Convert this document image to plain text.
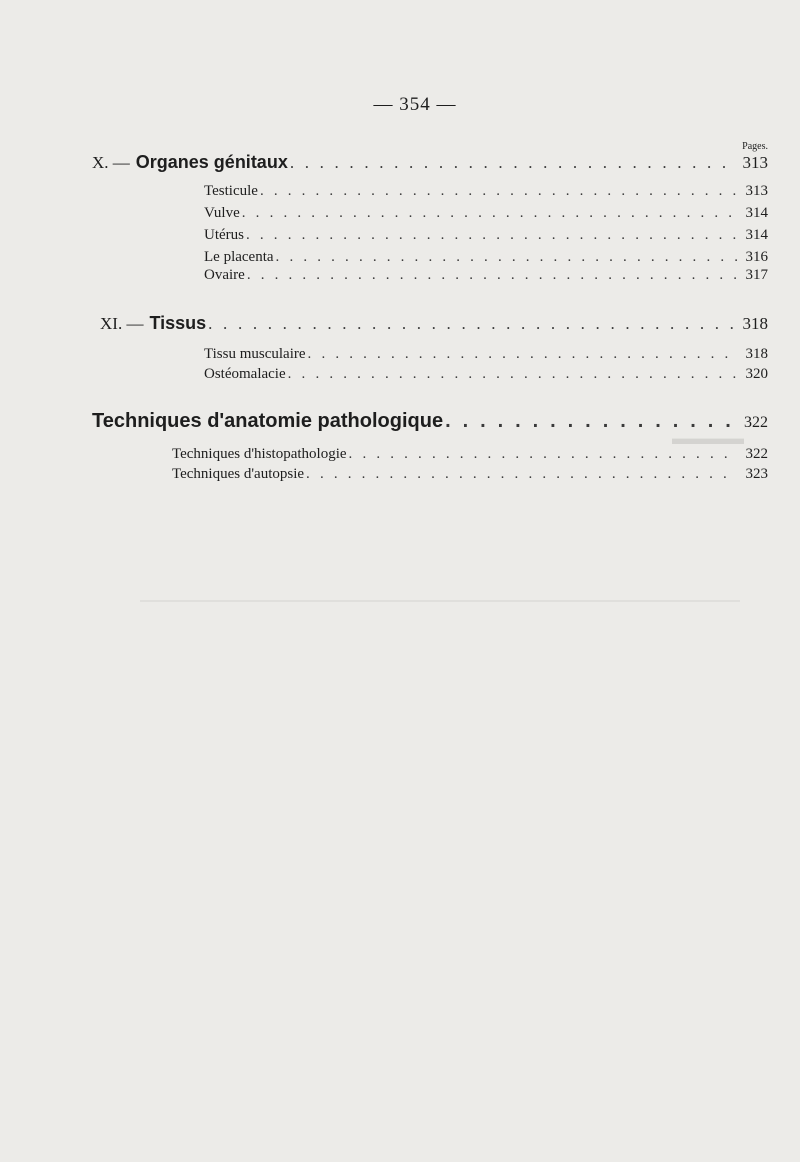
▬▬▬▬
— 354 —
Pages.
X. — Organes génitaux . . .	313
Testicule . . .	313
Vulve . . .	314
Utérus . . .	314
Le placenta . . .	316
Ovaire . . .	317
XI. — Tissus . . .	318
Tissu musculaire . . .	318
Ostéomalacie . . .	320
Techniques d'anatomie pathologique . . .	322
Techniques d'histopathologie . . .	322
Techniques d'autopsie . . .	323
